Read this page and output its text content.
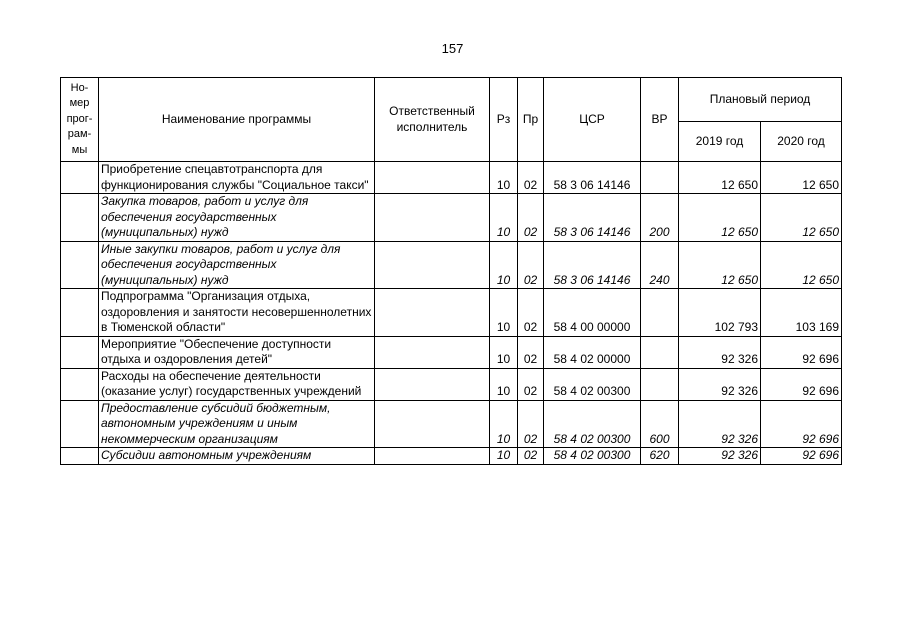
157
Но-мер прог-рам-мы	Наименование программы	Ответственный исполнитель	Рз	Пр	ЦСР	ВР	Плановый период	
							2019 год	2020 год
	Приобретение спецавтотранспорта для функционирования службы "Социальное такси"		10	02	58 3 06 14146		12 650	12 650
	Закупка товаров, работ и услуг для обеспечения государственных (муниципальных) нужд		10	02	58 3 06 14146	200	12 650	12 650
	Иные закупки товаров, работ и услуг для обеспечения государственных (муниципальных) нужд		10	02	58 3 06 14146	240	12 650	12 650
	Подпрограмма "Организация отдыха, оздоровления и занятости несовершеннолетних в Тюменской области"		10	02	58 4 00 00000		102 793	103 169
	Мероприятие "Обеспечение доступности отдыха и оздоровления детей"		10	02	58 4 02 00000		92 326	92 696
	Расходы на обеспечение деятельности (оказание услуг) государственных учреждений		10	02	58 4 02 00300		92 326	92 696
	Предоставление субсидий бюджетным, автономным учреждениям и иным некоммерческим организациям		10	02	58 4 02 00300	600	92 326	92 696
	Субсидии автономным учреждениям		10	02	58 4 02 00300	620	92 326	92 696
